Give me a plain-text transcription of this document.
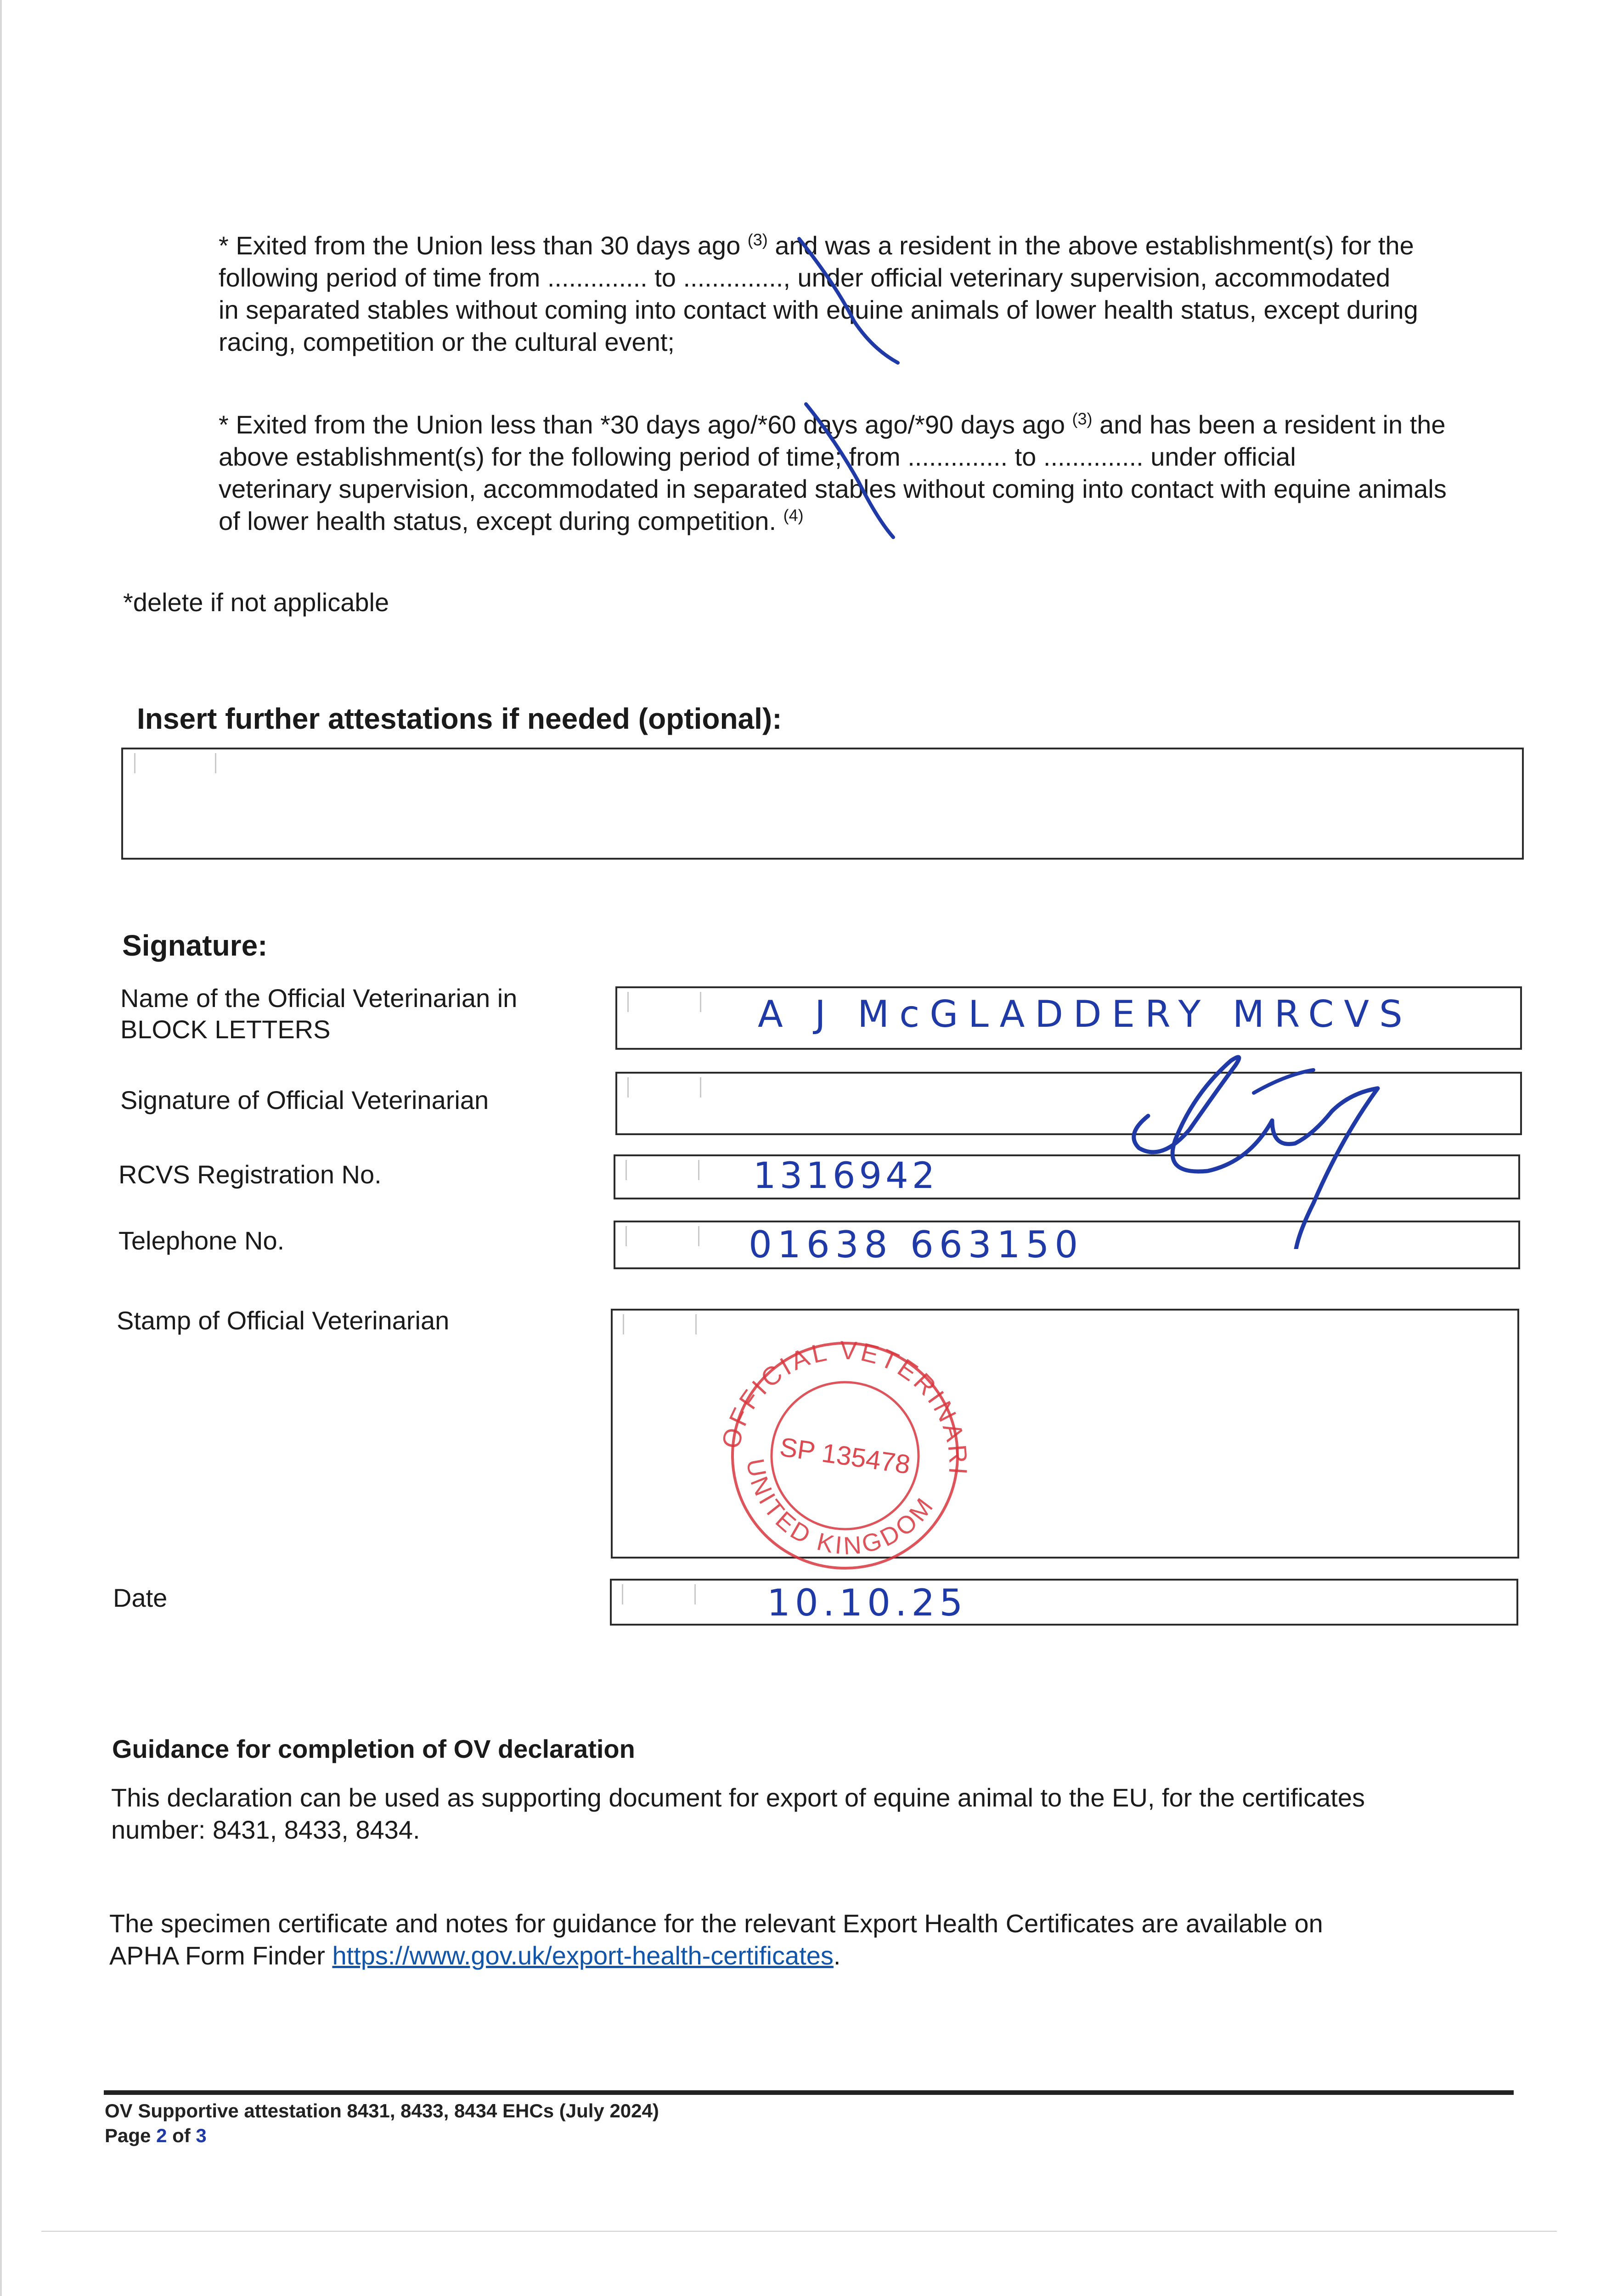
* Exited from the Union less than 30 days ago $^{(3)}$ and was a resident in the above establishment(s) for the
following period of time from .............. to .............., under official veterinary supervision, accommodated
in separated stables without coming into contact with equine animals of lower health status, except during
racing, competition or the cultural event;
* Exited from the Union less than *30 days ago/*60 days ago/*90 days ago $^{(3)}$ and has been a resident in the
above establishment(s) for the following period of time; from .............. to .............. under official
veterinary supervision, accommodated in separated stables without coming into contact with equine animals
of lower health status, except during competition. $^{(4)}$
*delete if not applicable
Insert further attestations if needed (optional):
Signature:
Name of the Official Veterinarian in
BLOCK LETTERS	A J McGLADDERY MRCVS
Signature of Official Veterinarian
RCVS Registration No.	1316942
Telephone No.	01638 663150
Stamp of Official Veterinarian
OFFICIAL VETERINARIAN
UNITED KINGDOM
SP 135478
Date	10.10.25
Guidance for completion of OV declaration
This declaration can be used as supporting document for export of equine animal to the EU, for the certificates
number: 8431, 8433, 8434.
The specimen certificate and notes for guidance for the relevant Export Health Certificates are available on
APHA Form Finder https://www.gov.uk/export-health-certificates.
OV Supportive attestation 8431, 8433, 8434 EHCs (July 2024)
Page 2 of 3
